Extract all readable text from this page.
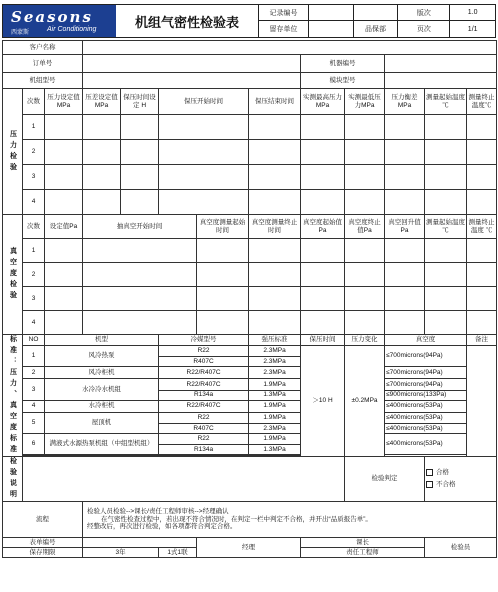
Seasons
西蒙斯	Air Conditioning	机组气密性检验表
记录编号	版次	1.0
留存单位	品保部	页次	1/1
客户名称													
订单号								机器编号					
机组型号								模块型号					
压力检验	次数	压力设定值 MPa	压差设定值 MPa	保压时间设定 H	保压开始时间		保压结束时间	实测最高压力MPa	实测最低压力MPa	压力衡差MPa	测量起始温度 ℃	测量终止温度℃	
	1												
	2												
	3												
	4												
真空度检验	次数	设定值Pa	抽真空开始时间			真空度测量起始时间	真空度测量终止时间	真空度起始值Pa	真空度终止值Pa	真空回升值Pa	测量起始温度 ℃	测量终止温度 ℃	
	1												
	2												
	3												
	4												
标准：压力、真空度标准	NO	机型			冷媒型号		强压标准	保压时间	压力变化	真空度		备注	
	1	风冷热泵			R22		2.3MPa	＞10 H	±0.2MPa	≤700microns(94Pa)			
					R407C		2.3MPa						
	2	风冷柜机			R22/R407C		2.3MPa			≤700microns(94Pa)			
	3	水冷冷水机组			R22/R407C		1.9MPa			≤700microns(94Pa)			
					R134a		1.3MPa			≤900microns(133Pa)			
	4	水冷柜机			R22/R407C		1.9MPa			≤400microns(53Pa)			
	5	屋顶机			R22		1.9MPa			≤400microns(53Pa)			
					R407C		2.3MPa			≤400microns(53Pa)			
	6	满液式水源热泵机组（中组型机组）			R22		1.9MPa			≤400microns(53Pa)			
					R134a		1.3MPa						

检验说明									检验判定		合格
不合格		

流程			检验人员检验-->课长/责任工程师审核-->经理确认
在气密性检查过程中，若出现不符合情况时，在判定一栏中判定不合格，并开出“品质报告单”。
经整改后，再次进行检验，如各项都符合判定合格。										

表单编号						经理		课长			检验员		
保存期限			3年		1式1联			责任工程师					
